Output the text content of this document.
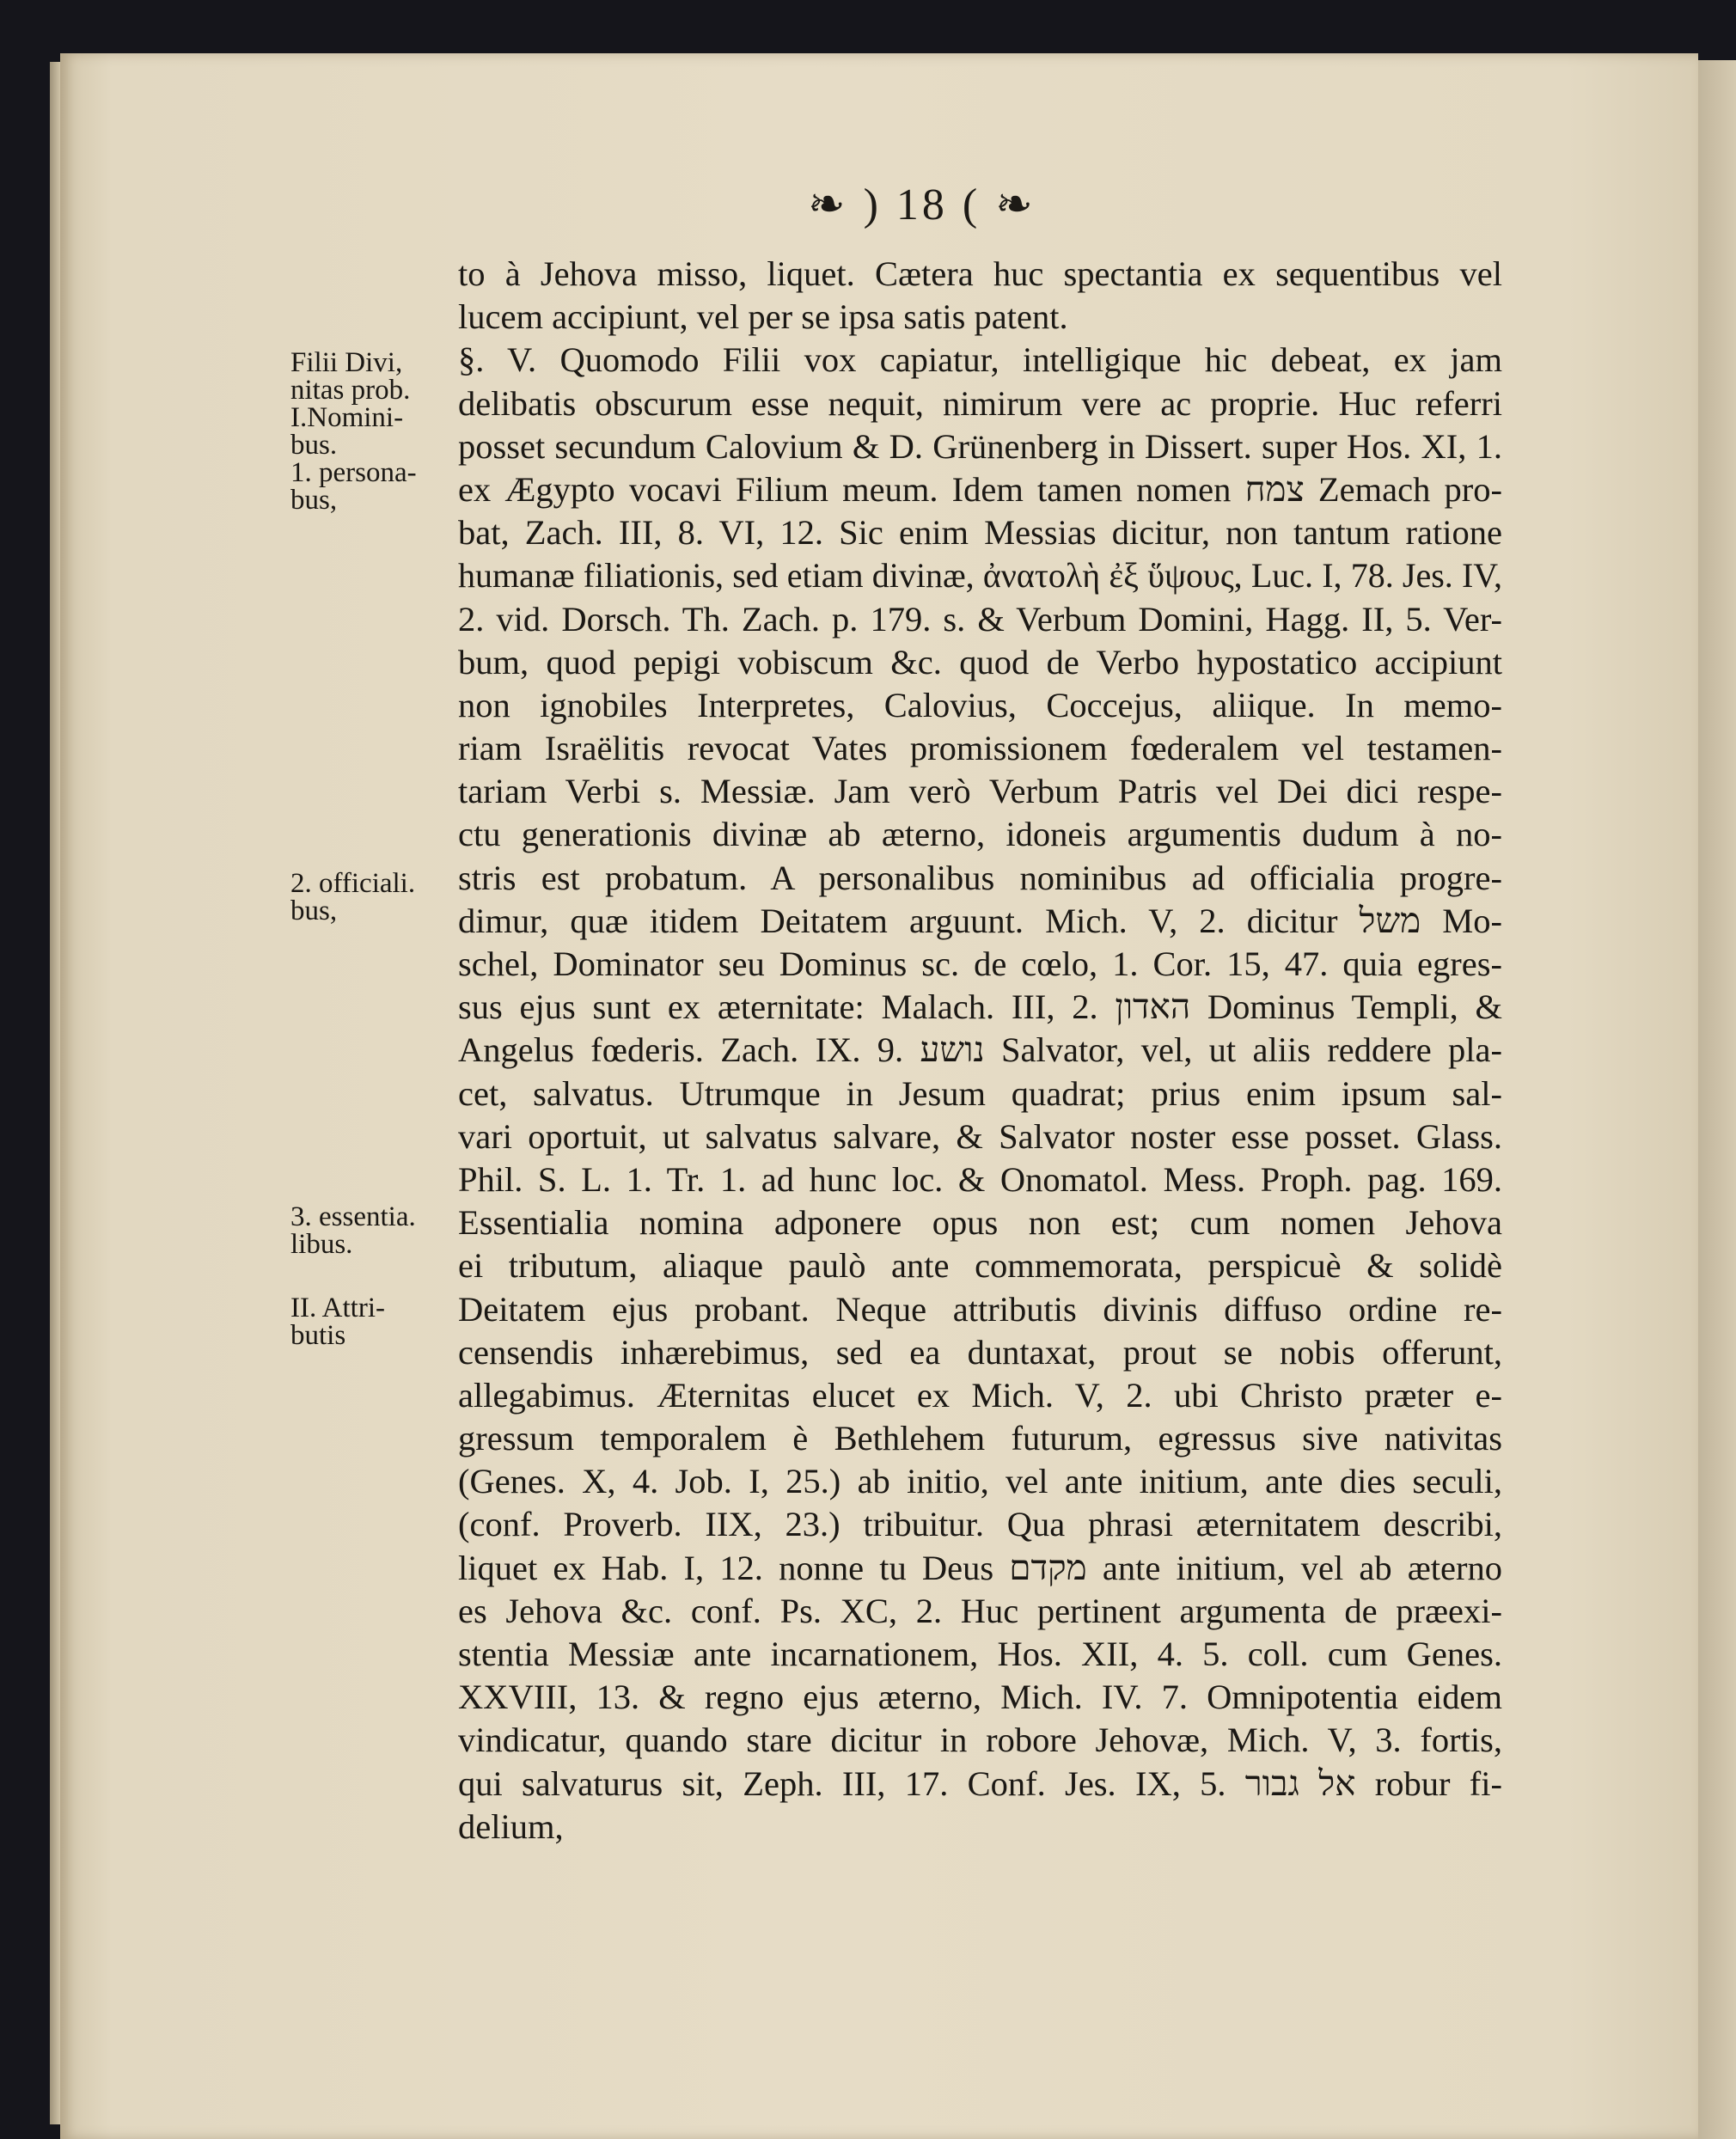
❧ ) 18 ( ❧
Filii Divi,
nitas prob.
I.Nomini-
bus.
1. persona-
bus,
2. officiali.
bus,
3. essentia.
libus.
II. Attri-
butis
to à Jehova misso, liquet. Cætera huc spectantia ex sequentibus vel
lucem accipiunt, vel per se ipsa satis patent.
§. V. Quomodo Filii vox capiatur, intelligique hic debeat, ex jam
delibatis obscurum esse nequit, nimirum vere ac proprie. Huc referri
posset secundum Calovium & D. Grünenberg in Dissert. super Hos. XI, 1.
ex Ægypto vocavi Filium meum. Idem tamen nomen צמח Zemach pro-
bat, Zach. III, 8. VI, 12. Sic enim Messias dicitur, non tantum ratione
humanæ filiationis, sed etiam divinæ, ἀνατολὴ ἐξ ὕψους, Luc. I, 78. Jes. IV,
2. vid. Dorsch. Th. Zach. p. 179. s. & Verbum Domini, Hagg. II, 5. Ver-
bum, quod pepigi vobiscum &c. quod de Verbo hypostatico accipiunt
non ignobiles Interpretes, Calovius, Coccejus, aliique. In memo-
riam Israëlitis revocat Vates promissionem fœderalem vel testamen-
tariam Verbi s. Messiæ. Jam verò Verbum Patris vel Dei dici respe-
ctu generationis divinæ ab æterno, idoneis argumentis dudum à no-
stris est probatum. A personalibus nominibus ad officialia progre-
dimur, quæ itidem Deitatem arguunt. Mich. V, 2. dicitur משל Mo-
schel, Dominator seu Dominus sc. de cœlo, 1. Cor. 15, 47. quia egres-
sus ejus sunt ex æternitate: Malach. III, 2. האדון Dominus Templi, &
Angelus fœderis. Zach. IX. 9. נושע Salvator, vel, ut aliis reddere pla-
cet, salvatus. Utrumque in Jesum quadrat; prius enim ipsum sal-
vari oportuit, ut salvatus salvare, & Salvator noster esse posset. Glass.
Phil. S. L. 1. Tr. 1. ad hunc loc. & Onomatol. Mess. Proph. pag. 169.
Essentialia nomina adponere opus non est; cum nomen Jehova
ei tributum, aliaque paulò ante commemorata, perspicuè & solidè
Deitatem ejus probant. Neque attributis divinis diffuso ordine re-
censendis inhærebimus, sed ea duntaxat, prout se nobis offerunt,
allegabimus. Æternitas elucet ex Mich. V, 2. ubi Christo præter e-
gressum temporalem è Bethlehem futurum, egressus sive nativitas
(Genes. X, 4. Job. I, 25.) ab initio, vel ante initium, ante dies seculi,
(conf. Proverb. IIX, 23.) tribuitur. Qua phrasi æternitatem describi,
liquet ex Hab. I, 12. nonne tu Deus מקדם ante initium, vel ab æterno
es Jehova &c. conf. Ps. XC, 2. Huc pertinent argumenta de præexi-
stentia Messiæ ante incarnationem, Hos. XII, 4. 5. coll. cum Genes.
XXVIII, 13. & regno ejus æterno, Mich. IV. 7. Omnipotentia eidem
vindicatur, quando stare dicitur in robore Jehovæ, Mich. V, 3. fortis,
qui salvaturus sit, Zeph. III, 17. Conf. Jes. IX, 5. אל גבור robur fi-
delium,
